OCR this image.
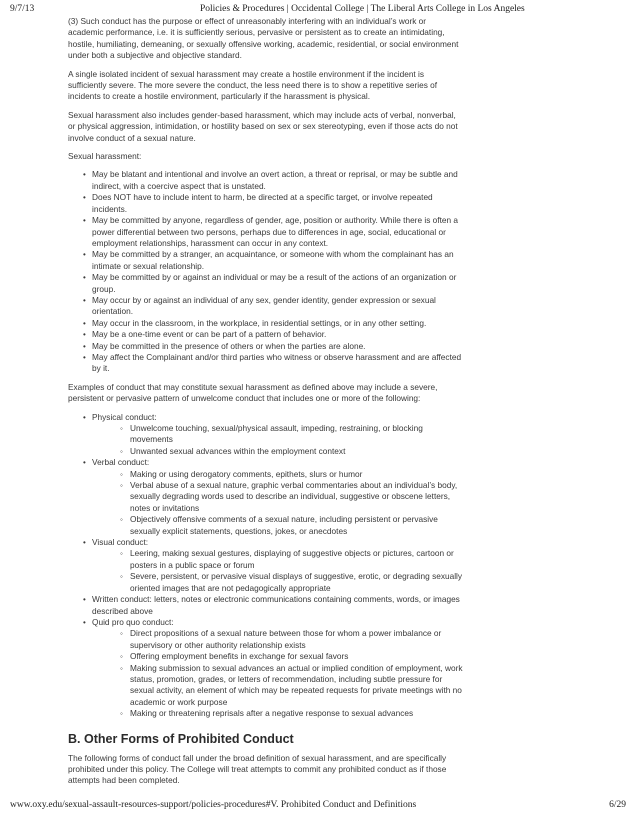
9/7/13	Policies & Procedures | Occidental College | The Liberal Arts College in Los Angeles

(3) Such conduct has the purpose or effect of unreasonably interfering with an individual’s work or academic performance, i.e. it is sufficiently serious, pervasive or persistent as to create an intimidating, hostile, humiliating, demeaning, or sexually offensive working, academic, residential, or social environment under both a subjective and objective standard.

A single isolated incident of sexual harassment may create a hostile environment if the incident is sufficiently severe. The more severe the conduct, the less need there is to show a repetitive series of incidents to create a hostile environment, particularly if the harassment is physical.

Sexual harassment also includes gender-based harassment, which may include acts of verbal, nonverbal, or physical aggression, intimidation, or hostility based on sex or sex stereotyping, even if those acts do not involve conduct of a sexual nature.

Sexual harassment:

• May be blatant and intentional and involve an overt action, a threat or reprisal, or may be subtle and indirect, with a coercive aspect that is unstated.
• Does NOT have to include intent to harm, be directed at a specific target, or involve repeated incidents.
• May be committed by anyone, regardless of gender, age, position or authority. While there is often a power differential between two persons, perhaps due to differences in age, social, educational or employment relationships, harassment can occur in any context.
• May be committed by a stranger, an acquaintance, or someone with whom the complainant has an intimate or sexual relationship.
• May be committed by or against an individual or may be a result of the actions of an organization or group.
• May occur by or against an individual of any sex, gender identity, gender expression or sexual orientation.
• May occur in the classroom, in the workplace, in residential settings, or in any other setting.
• May be a one-time event or can be part of a pattern of behavior.
• May be committed in the presence of others or when the parties are alone.
• May affect the Complainant and/or third parties who witness or observe harassment and are affected by it.

Examples of conduct that may constitute sexual harassment as defined above may include a severe, persistent or pervasive pattern of unwelcome conduct that includes one or more of the following:

• Physical conduct:
◦ Unwelcome touching, sexual/physical assault, impeding, restraining, or blocking movements
◦ Unwanted sexual advances within the employment context
• Verbal conduct:
◦ Making or using derogatory comments, epithets, slurs or humor
◦ Verbal abuse of a sexual nature, graphic verbal commentaries about an individual’s body, sexually degrading words used to describe an individual, suggestive or obscene letters, notes or invitations
◦ Objectively offensive comments of a sexual nature, including persistent or pervasive sexually explicit statements, questions, jokes, or anecdotes
• Visual conduct:
◦ Leering, making sexual gestures, displaying of suggestive objects or pictures, cartoon or posters in a public space or forum
◦ Severe, persistent, or pervasive visual displays of suggestive, erotic, or degrading sexually oriented images that are not pedagogically appropriate
• Written conduct: letters, notes or electronic communications containing comments, words, or images described above
• Quid pro quo conduct:
◦ Direct propositions of a sexual nature between those for whom a power imbalance or supervisory or other authority relationship exists
◦ Offering employment benefits in exchange for sexual favors
◦ Making submission to sexual advances an actual or implied condition of employment, work status, promotion, grades, or letters of recommendation, including subtle pressure for sexual activity, an element of which may be repeated requests for private meetings with no academic or work purpose
◦ Making or threatening reprisals after a negative response to sexual advances
B. Other Forms of Prohibited Conduct

The following forms of conduct fall under the broad definition of sexual harassment, and are specifically prohibited under this policy. The College will treat attempts to commit any prohibited conduct as if those attempts had been completed.

www.oxy.edu/sexual-assault-resources-support/policies-procedures#V. Prohibited Conduct and Definitions	6/29
